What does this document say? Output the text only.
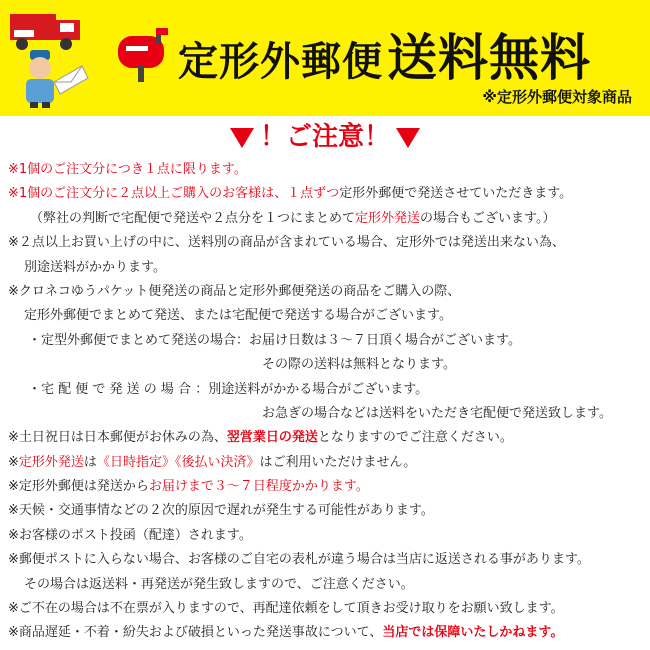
定形外郵便 送料無料
※定形外郵便対象商品
！ご注意！
※1個のご注文分につき１点に限ります。
※1個のご注文分に２点以上ご購入のお客様は、１点ずつ定形外郵便で発送させていただきます。
（弊社の判断で宅配便で発送や２点分を１つにまとめて定形外発送の場合もございます。）
※２点以上お買い上げの中に、送料別の商品が含まれている場合、定形外では発送出来ない為、
別途送料がかかります。
※クロネコゆうパケット便発送の商品と定形外郵便発送の商品をご購入の際、
定形外郵便でまとめて発送、または宅配便で発送する場合がございます。
・定型外郵便でまとめて発送の場合：お届け日数は３～７日頂く場合がございます。
その際の送料は無料となります。
・宅 配 便 で 発 送 の 場 合 ：別途送料がかかる場合がございます。
お急ぎの場合などは送料をいただき宅配便で発送致します。
※土日祝日は日本郵便がお休みの為、翌営業日の発送となりますのでご注意ください。
※定形外発送は《日時指定》《後払い決済》はご利用いただけません。
※定形外郵便は発送からお届けまで３～７日程度かかります。
※天候・交通事情などの２次的原因で遅れが発生する可能性があります。
※お客様のポスト投函（配達）されます。
※郵便ポストに入らない場合、お客様のご自宅の表札が違う場合は当店に返送される事があります。
その場合は返送料・再発送が発生致しますので、ご注意ください。
※ご不在の場合は不在票が入りますので、再配達依頼をして頂きお受け取りをお願い致します。
※商品遅延・不着・紛失および破損といった発送事故について、当店では保障いたしかねます。
